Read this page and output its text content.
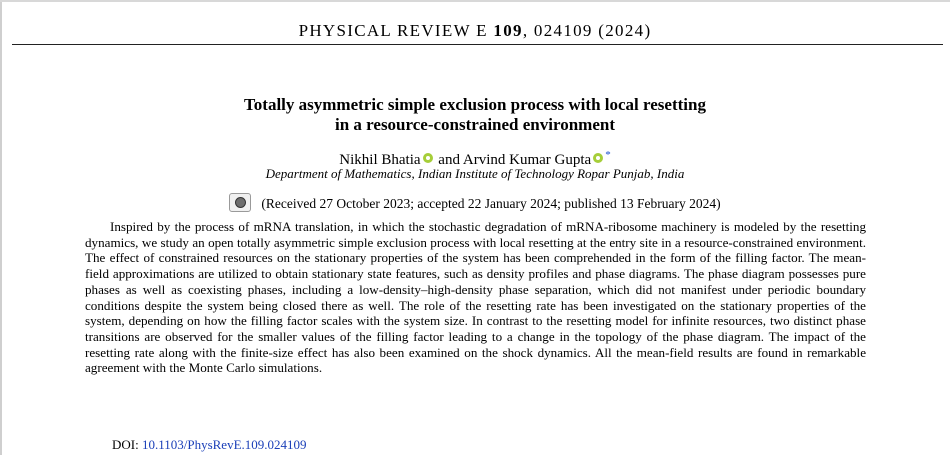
PHYSICAL REVIEW E 109, 024109 (2024)
Totally asymmetric simple exclusion process with local resetting
in a resource-constrained environment
Nikhil Bhatia and Arvind Kumar Gupta *
Department of Mathematics, Indian Institute of Technology Ropar Punjab, India
(Received 27 October 2023; accepted 22 January 2024; published 13 February 2024)

Inspired by the process of mRNA translation, in which the stochastic degradation of mRNA-ribosome machinery is modeled by the resetting dynamics, we study an open totally asymmetric simple exclusion process with local resetting at the entry site in a resource-constrained environment. The effect of constrained resources on the stationary properties of the system has been comprehended in the form of the filling factor. The mean-field approximations are utilized to obtain stationary state features, such as density profiles and phase diagrams. The phase diagram possesses pure phases as well as coexisting phases, including a low-density–high-density phase separation, which did not manifest under periodic boundary conditions despite the system being closed there as well. The role of the resetting rate has been investigated on the stationary properties of the system, depending on how the filling factor scales with the system size. In contrast to the resetting model for infinite resources, two distinct phase transitions are observed for the smaller values of the filling factor leading to a change in the topology of the phase diagram. The impact of the resetting rate along with the finite-size effect has also been examined on the shock dynamics. All the mean-field results are found in remarkable agreement with the Monte Carlo simulations.

DOI: 10.1103/PhysRevE.109.024109
